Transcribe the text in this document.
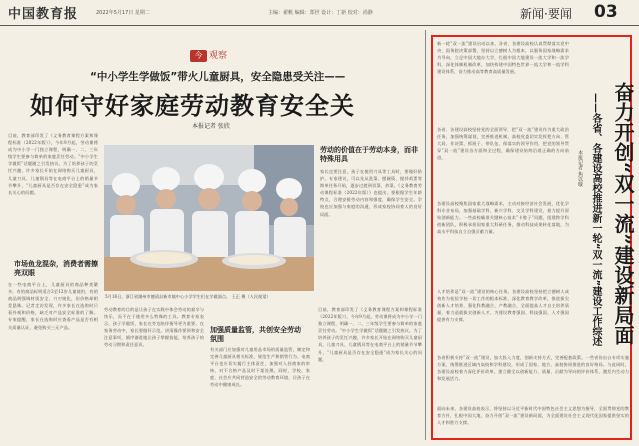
中国教育报	2022年5月17日 星期二	主编：翟帆 编辑：郑世 设计：丁新 校对：尚静	新闻·要闻 03
今 观察
“中小学生学做饭”带火儿童厨具，安全隐患受关注——
如何守好家庭劳动教育安全关
本报记者 张欣
目前，教育部印发了《义务教育课程方案和课程标准（2022年版）》，今年9月起，劳动课将成为中小学一门独立课程，明确一、二、三年级学生要参与简单的家庭烹饪劳动。“中小学生学做饭”话题随之引发热议。为了培养孩子的烹饪兴趣，许多家长开始在网络购买儿童厨具，儿童刀具、儿童锅具等在电商平台上的销量节节攀升，“儿童厨具是否存在安全隐患”成为家长关心的问题。
市场鱼龙混杂，消费者需擦亮双眼
在一些电商平台上，儿童厨具的商品种类繁多，有的商品标明适合3至12岁儿童使用，有的商品则强调材质安全、刀刃钝化，但价格却相差悬殊。记者走访发现，许多家长在选购时只看外观和价格，缺乏对产品安全标准的了解。专家提醒，家长在选购时应查看产品是否有相关质量认证，避免购买三无产品。
5月16日，浙江省湖州市德清县新市镇中心小学学生们在学做面点。 王正 摄（人民视觉）
劳动的价值在于劳动本身，而非特殊用具
家长也要注意，孩子在使用刀具等工具时，要做好防护。专家建议，可以先从洗菜、摆碗筷、搅拌鸡蛋等简单任务开始，逐步过渡到切菜、炒菜。《义务教育劳动课程标准（2022年版）》也提出，要根据学生年龄特点，合理安排劳动内容和强度，确保学生安全。学校也应加强与家庭的沟通，形成家校协同育人的良好局面。
劳动教育的目的是让孩子在实践中体会劳动的艰辛与快乐，而不在于使用多么特殊的工具。教育专家表示，孩子学做饭，家长在旁边陪伴指导更为重要。在家务劳动中，家长要做好示范，讲清操作要领和安全注意事项，循序渐进地让孩子掌握技能，培养孩子的劳动习惯和责任意识。
加强质量监管，共创安全劳动氛围
有关部门应加强对儿童用品市场的质量监管，制定和完善儿童厨具相关标准，规范生产和销售行为。电商平台也应切实履行主体责任，加强对入驻商家的审核，对不合格产品及时下架处理。同时，学校、家庭、社会应共同营造安全的劳动教育环境，让孩子在劳动中健康成长。
目前，教育部印发了《义务教育课程方案和课程标准（2022年版）》，今年9月起，劳动课将成为中小学一门独立课程，明确一、二、三年级学生要参与简单的家庭烹饪劳动。“中小学生学做饭”话题随之引发热议。为了培养孩子的烹饪兴趣，许多家长开始在网络购买儿童厨具，儿童刀具、儿童锅具等在电商平台上的销量节节攀升，“儿童厨具是否存在安全隐患”成为家长关心的问题。
奋力开创“双一流”建设新局面
——各省、各建设高校推进新一轮“双一流”建设工作综述
本报记者 焦以璇
新一轮“双一流”建设启动以来，各省、各建设高校认真贯彻落实党中央、国务院决策部署，坚持以立德树人为根本，以服务国家战略需求为导向，立足中国大地办大学，扎根中国大地建设一流大学和一流学科，深化体制机制改革，加快构建中国特色世界一流大学和一流学科建设体系，奋力推动高等教育高质量发展。
各省、各建设高校坚持党的全面领导，把“双一流”建设作为重大政治任务，加强统筹谋划，完善推进机制。高校党委切实发挥把方向、管大局、作决策、抓班子、带队伍、保落实的领导作用，把党的领导贯穿“双一流”建设各方面和全过程，确保建设始终沿着正确的方向前进。
各建设高校聚焦国家重大战略需求，主动对接经济社会发展，优化学科专业布局，加强基础学科、新兴学科、交叉学科建设，着力提升原始创新能力。一些高校瞄准关键核心技术“卡脖子”问题，组建跨学科创新团队，积极承担国家重大科研任务，推动科技成果转化落地，为高水平科技自立自强贡献力量。
人才培养是“双一流”建设的核心任务。各建设高校坚持把立德树人成效作为检验学校一切工作的根本标准，深化教育教学改革，推进拔尖创新人才培养，强化科教融合、产教融合，全面提高人才自主培养质量，着力造就拔尖创新人才，为建设教育强国、科技强国、人才强国提供有力支撑。
各省积极支持“双一流”建设，加大投入力度，创新支持方式，完善配套政策。一些省份出台专项实施方案，统筹推进区域内高校和学科建设，形成了国家、地方、高校协同推进的良好格局。与此同时，各建设高校着力深化评价改革，建立健全以创新能力、质量、贡献为导向的评价体系，激发内生动力和发展活力。
面向未来，各建设高校表示，将坚持以习近平新时代中国特色社会主义思想为指导，全面贯彻党的教育方针，扎根中国大地，奋力开创“双一流”建设新局面，为全面建设社会主义现代化国家提供坚实的人才和智力支撑。
